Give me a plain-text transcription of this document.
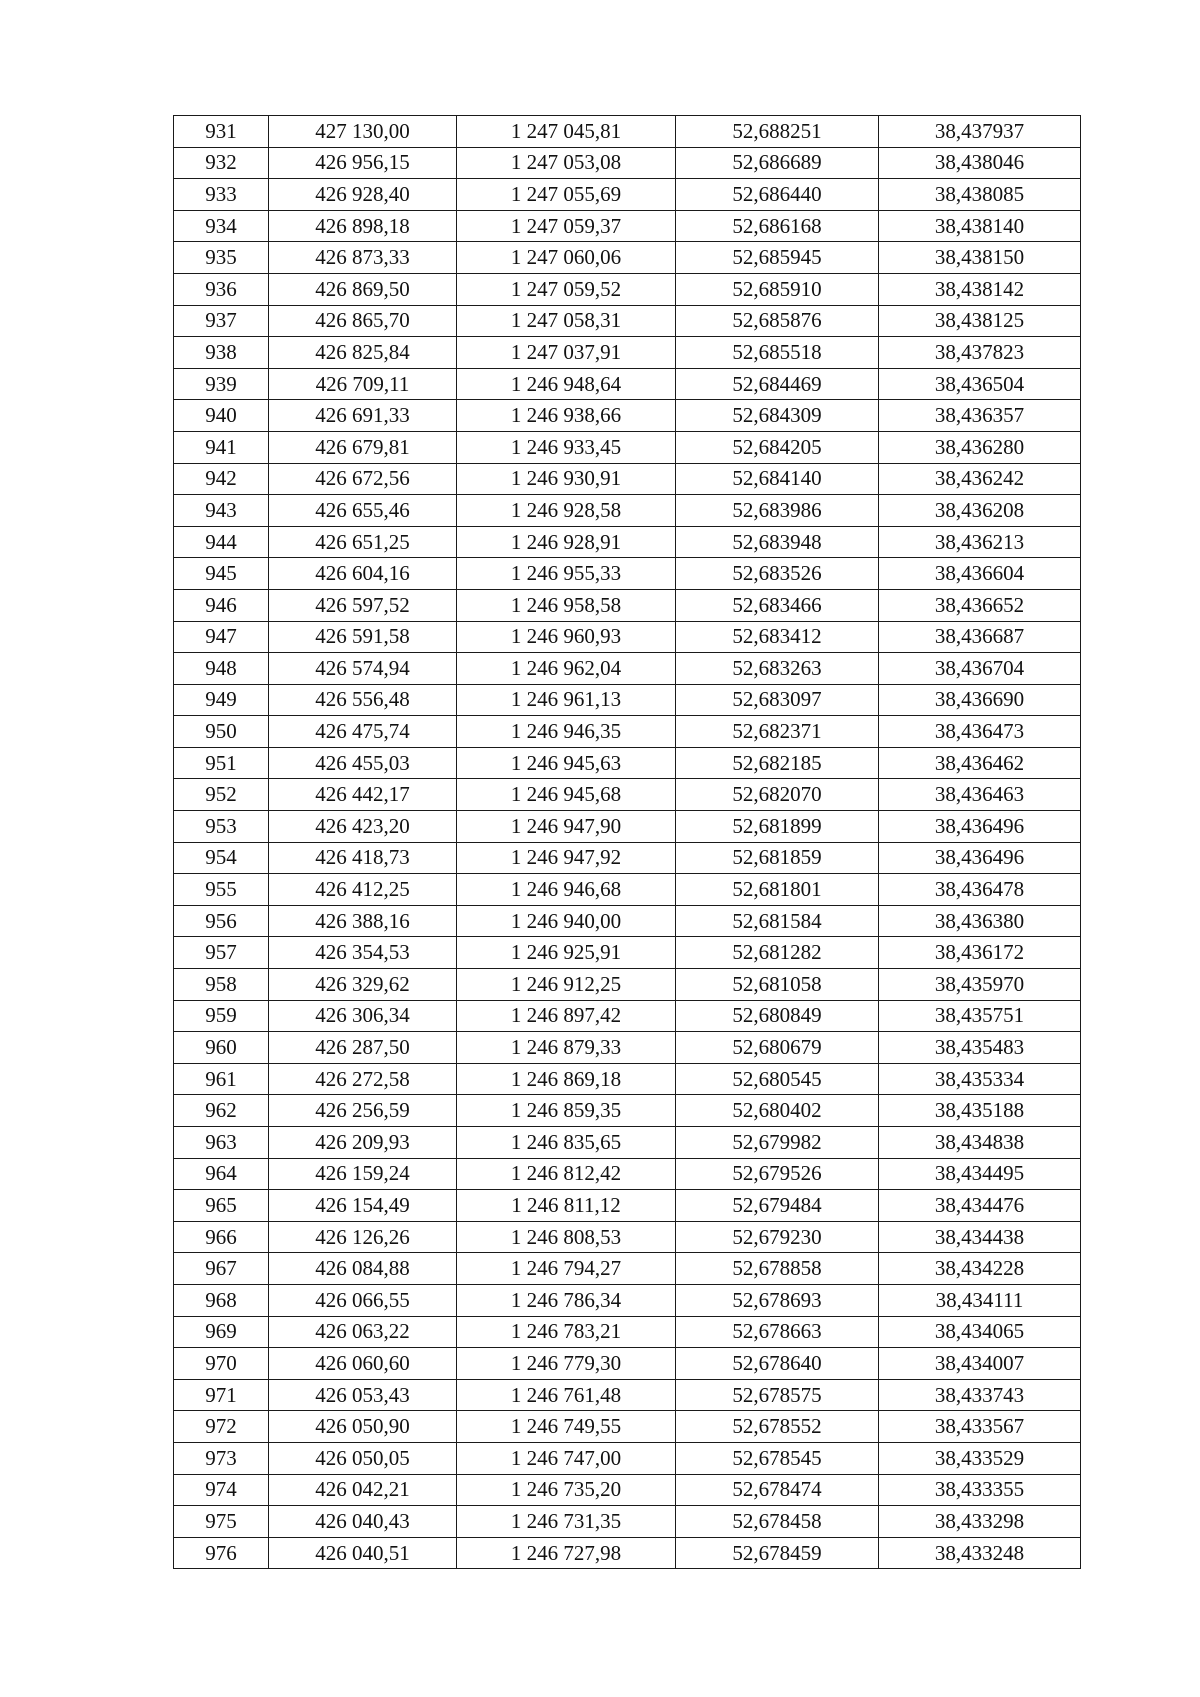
931	427 130,00	1 247 045,81	52,688251	38,437937
932	426 956,15	1 247 053,08	52,686689	38,438046
933	426 928,40	1 247 055,69	52,686440	38,438085
934	426 898,18	1 247 059,37	52,686168	38,438140
935	426 873,33	1 247 060,06	52,685945	38,438150
936	426 869,50	1 247 059,52	52,685910	38,438142
937	426 865,70	1 247 058,31	52,685876	38,438125
938	426 825,84	1 247 037,91	52,685518	38,437823
939	426 709,11	1 246 948,64	52,684469	38,436504
940	426 691,33	1 246 938,66	52,684309	38,436357
941	426 679,81	1 246 933,45	52,684205	38,436280
942	426 672,56	1 246 930,91	52,684140	38,436242
943	426 655,46	1 246 928,58	52,683986	38,436208
944	426 651,25	1 246 928,91	52,683948	38,436213
945	426 604,16	1 246 955,33	52,683526	38,436604
946	426 597,52	1 246 958,58	52,683466	38,436652
947	426 591,58	1 246 960,93	52,683412	38,436687
948	426 574,94	1 246 962,04	52,683263	38,436704
949	426 556,48	1 246 961,13	52,683097	38,436690
950	426 475,74	1 246 946,35	52,682371	38,436473
951	426 455,03	1 246 945,63	52,682185	38,436462
952	426 442,17	1 246 945,68	52,682070	38,436463
953	426 423,20	1 246 947,90	52,681899	38,436496
954	426 418,73	1 246 947,92	52,681859	38,436496
955	426 412,25	1 246 946,68	52,681801	38,436478
956	426 388,16	1 246 940,00	52,681584	38,436380
957	426 354,53	1 246 925,91	52,681282	38,436172
958	426 329,62	1 246 912,25	52,681058	38,435970
959	426 306,34	1 246 897,42	52,680849	38,435751
960	426 287,50	1 246 879,33	52,680679	38,435483
961	426 272,58	1 246 869,18	52,680545	38,435334
962	426 256,59	1 246 859,35	52,680402	38,435188
963	426 209,93	1 246 835,65	52,679982	38,434838
964	426 159,24	1 246 812,42	52,679526	38,434495
965	426 154,49	1 246 811,12	52,679484	38,434476
966	426 126,26	1 246 808,53	52,679230	38,434438
967	426 084,88	1 246 794,27	52,678858	38,434228
968	426 066,55	1 246 786,34	52,678693	38,434111
969	426 063,22	1 246 783,21	52,678663	38,434065
970	426 060,60	1 246 779,30	52,678640	38,434007
971	426 053,43	1 246 761,48	52,678575	38,433743
972	426 050,90	1 246 749,55	52,678552	38,433567
973	426 050,05	1 246 747,00	52,678545	38,433529
974	426 042,21	1 246 735,20	52,678474	38,433355
975	426 040,43	1 246 731,35	52,678458	38,433298
976	426 040,51	1 246 727,98	52,678459	38,433248
